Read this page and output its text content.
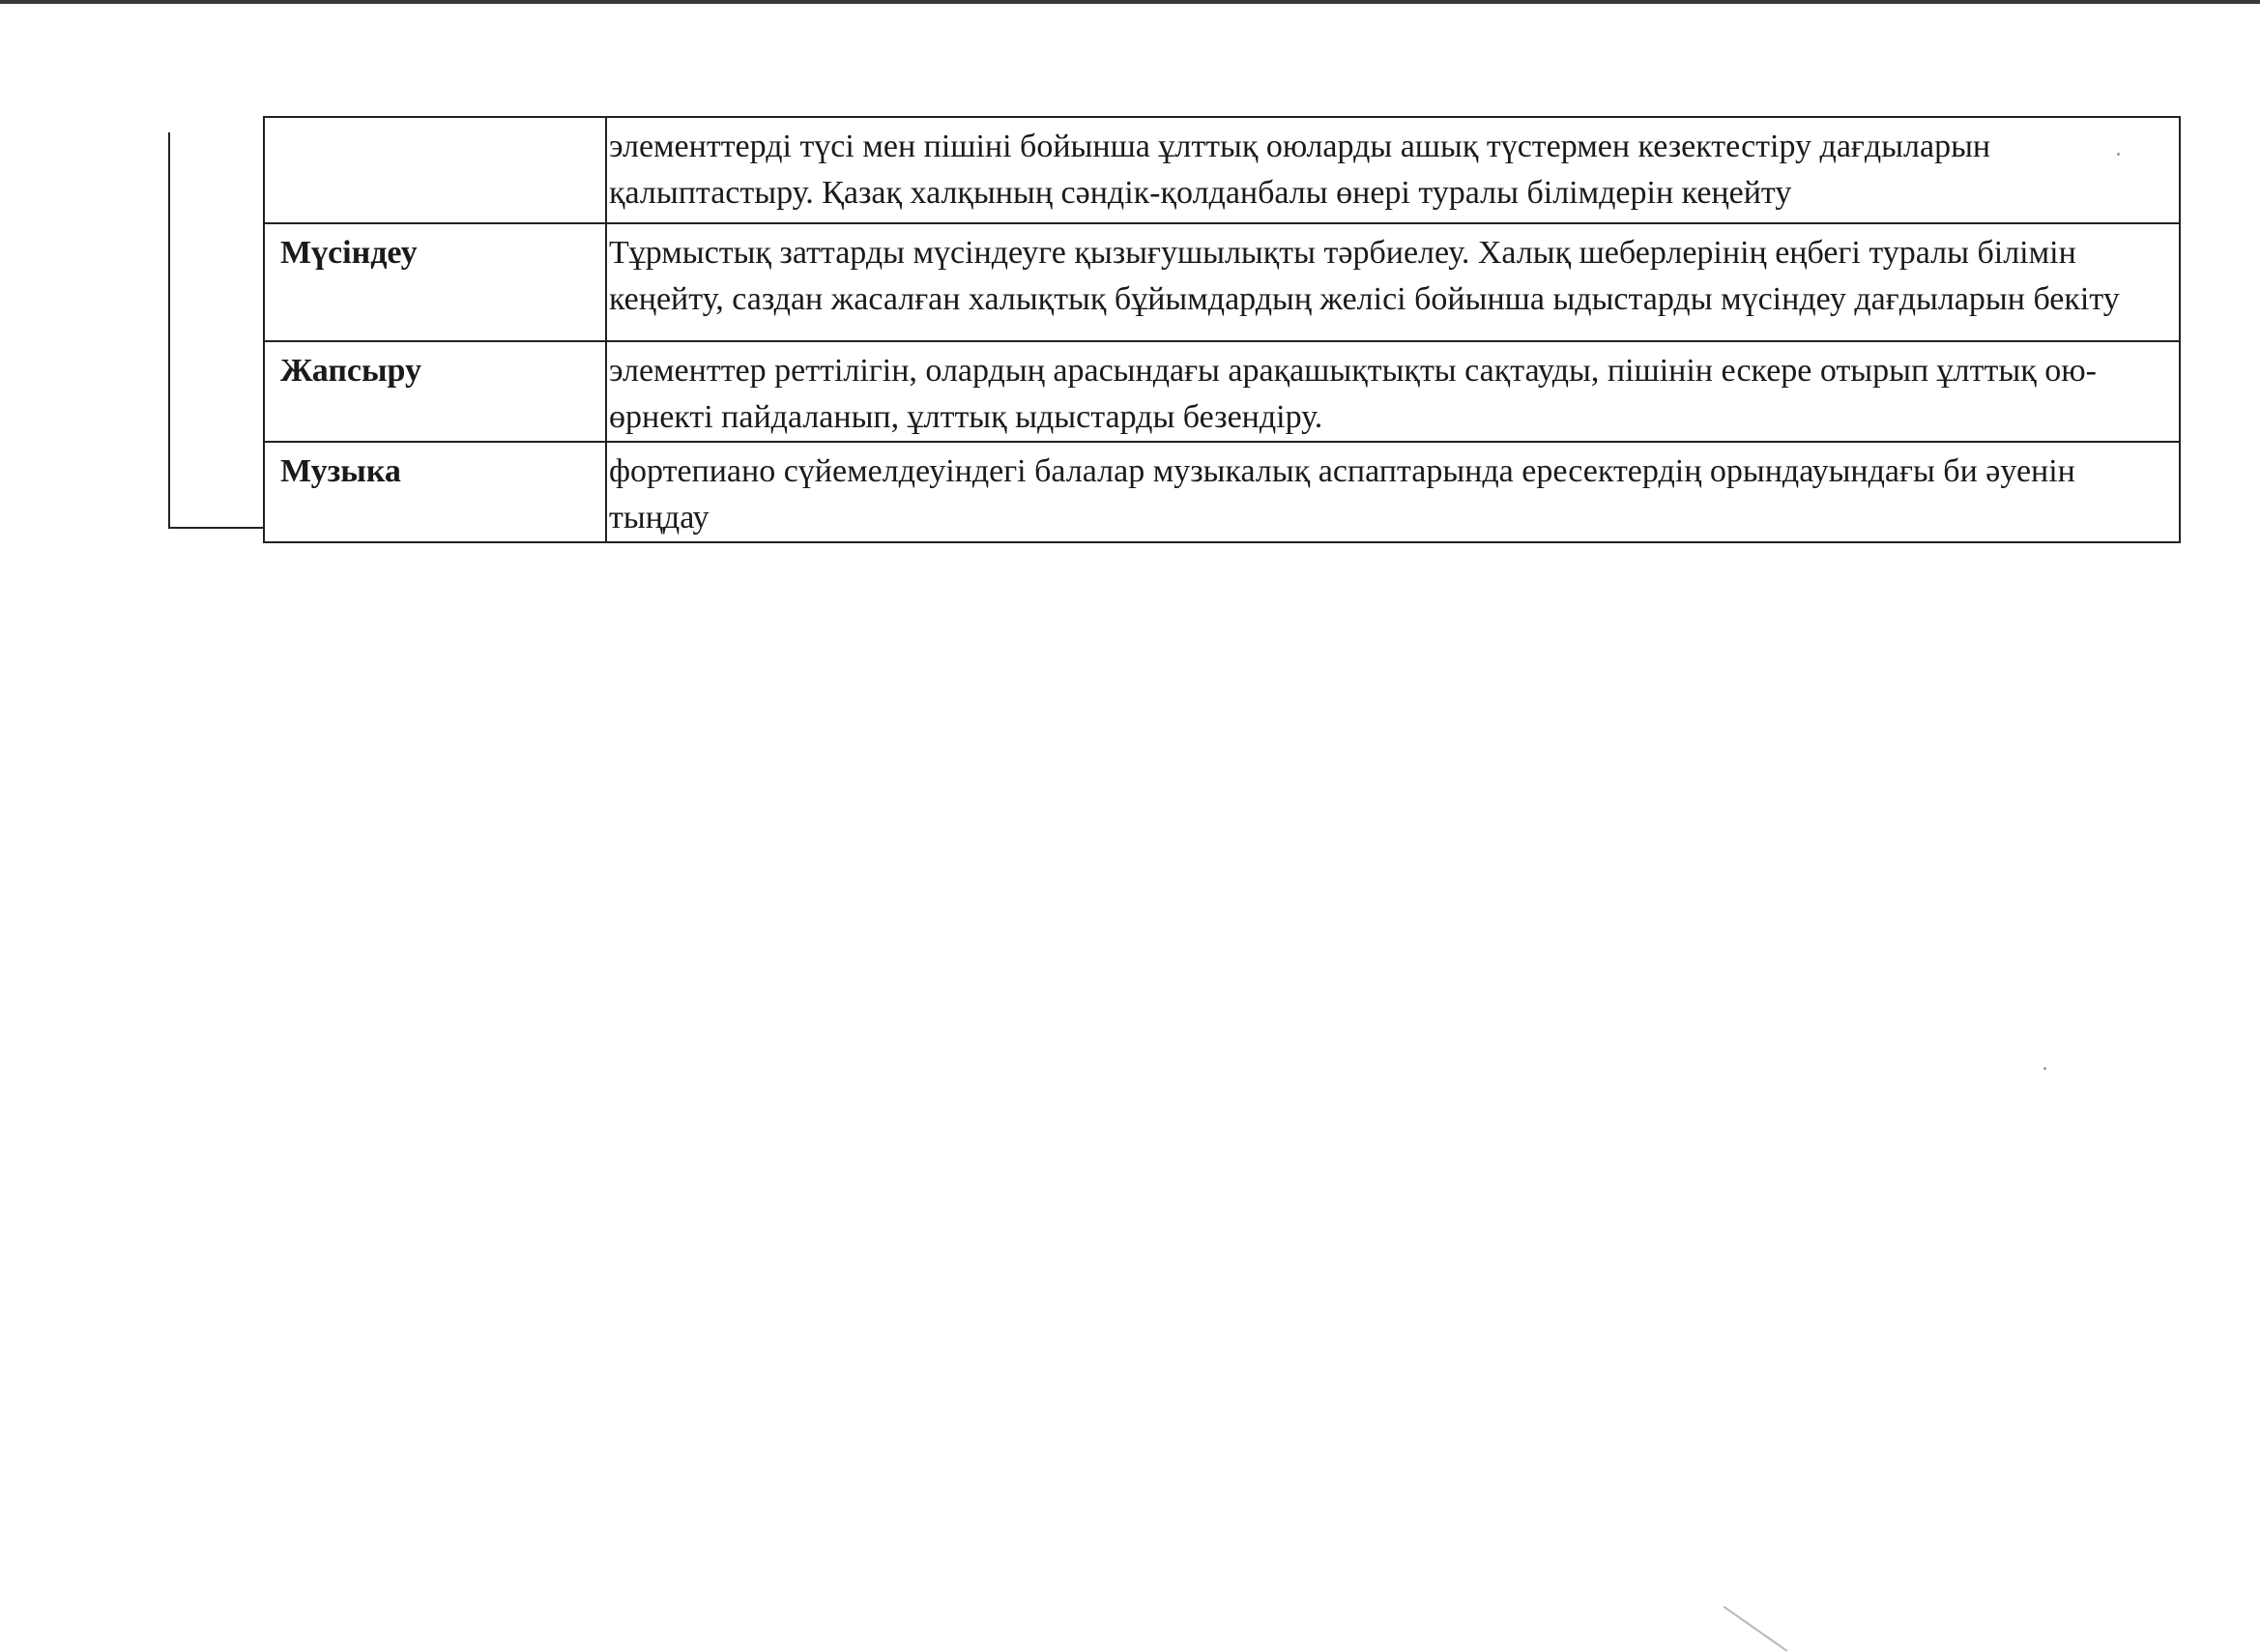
	элементтерді түсі мен пішіні бойынша ұлттық оюларды ашық түстермен кезектестіру дағдыларын қалыптастыру. Қазақ халқының сәндік-қолданбалы өнері туралы білімдерін кеңейту
Мүсіндеу	Тұрмыстық заттарды мүсіндеуге қызығушылықты тәрбиелеу. Халық шеберлерінің еңбегі туралы білімін кеңейту, саздан жасалған халықтық бұйымдардың желісі бойынша ыдыстарды мүсіндеу дағдыларын бекіту
Жапсыру	элементтер реттілігін, олардың арасындағы арақашықтықты сақтауды, пішінін ескере отырып ұлттық ою-өрнекті пайдаланып, ұлттық ыдыстарды безендіру.
Музыка	фортепиано сүйемелдеуіндегі балалар музыкалық аспаптарында ересектердің орындауындағы би әуенін тыңдау
